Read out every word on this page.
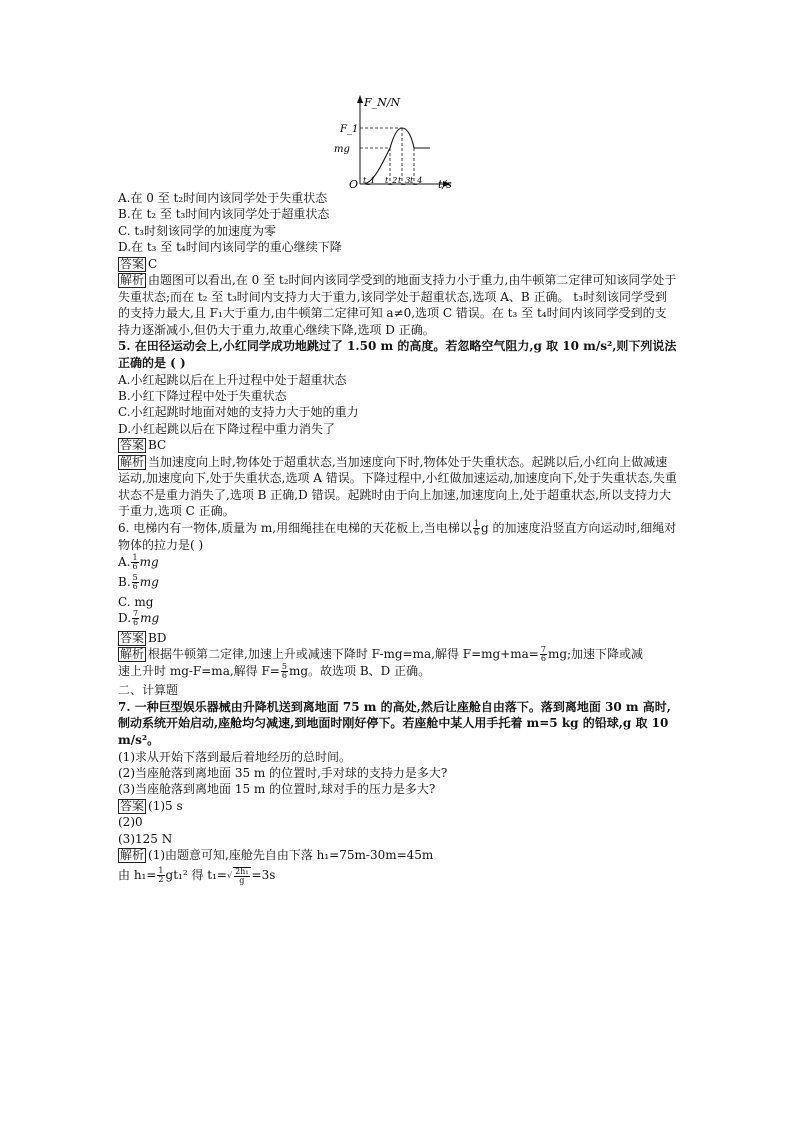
F_N/N
t/s
O
F_1
mg
t_1 t_2 t_3 t_4
A.在 0 至 t₂时间内该同学处于失重状态
B.在 t₂ 至 t₃时间内该同学处于超重状态
C. t₃时刻该同学的加速度为零
D.在 t₃ 至 t₄时间内该同学的重心继续下降
答案 C
解析 由题图可以看出,在 0 至 t₂时间内该同学受到的地面支持力小于重力,由牛顿第二定律可知该同学处于失重状态;而在 t₂ 至 t₃时间内支持力大于重力,该同学处于超重状态,选项 A、B 正确。 t₃时刻该同学受到的支持力最大,且 F₁大于重力,由牛顿第二定律可知 a≠0,选项 C 错误。在 t₃ 至 t₄时间内该同学受到的支持力逐渐减小,但仍大于重力,故重心继续下降,选项 D 正确。
5. 在田径运动会上,小红同学成功地跳过了 1.50 m 的高度。若忽略空气阻力,g 取 10 m/s²,则下列说法正确的是 ( )
A.小红起跳以后在上升过程中处于超重状态
B.小红下降过程中处于失重状态
C.小红起跳时地面对她的支持力大于她的重力
D.小红起跳以后在下降过程中重力消失了
答案 BC
解析 当加速度向上时,物体处于超重状态,当加速度向下时,物体处于失重状态。起跳以后,小红向上做减速运动,加速度向下,处于失重状态,选项 A 错误。下降过程中,小红做加速运动,加速度向下,处于失重状态,失重状态不是重力消失了,选项 B 正确,D 错误。起跳时由于向上加速,加速度向上,处于超重状态,所以支持力大于重力,选项 C 正确。
6. 电梯内有一物体,质量为 m,用细绳挂在电梯的天花板上,当电梯以 $\frac{1}{6}$ g 的加速度沿竖直方向运动时,细绳对物体的拉力是( )
A. $\frac{1}{6}$ mg
B. $\frac{5}{6}$ mg
C. mg
D. $\frac{7}{6}$ mg
答案 BD
解析 根据牛顿第二定律,加速上升或减速下降时 F-mg=ma,解得 $F=mg+ma= \frac{7}{6}$ mg;加速下降或减
速上升时 mg-F=ma,解得 $F= \frac{5}{6}$ mg。故选项 B、D 正确。
二、计算题
7. 一种巨型娱乐器械由升降机送到离地面 75 m 的高处,然后让座舱自由落下。落到离地面 30 m 高时,制动系统开始启动,座舱均匀减速,到地面时刚好停下。若座舱中某人用手托着 m=5 kg 的铅球,g 取 10 m/s²。
(1)求从开始下落到最后着地经历的总时间。
(2)当座舱落到离地面 35 m 的位置时,手对球的支持力是多大?
(3)当座舱落到离地面 15 m 的位置时,球对手的压力是多大?
答案 (1)5 s
(2)0
(3)125 N
解析 (1)由题意可知,座舱先自由下落 h₁=75m-30m=45m
由 $h_1= \frac{1}{2} gt_1^2$ 得 $t_1=√ \frac{\text{2h₁}}{g} =3s$
